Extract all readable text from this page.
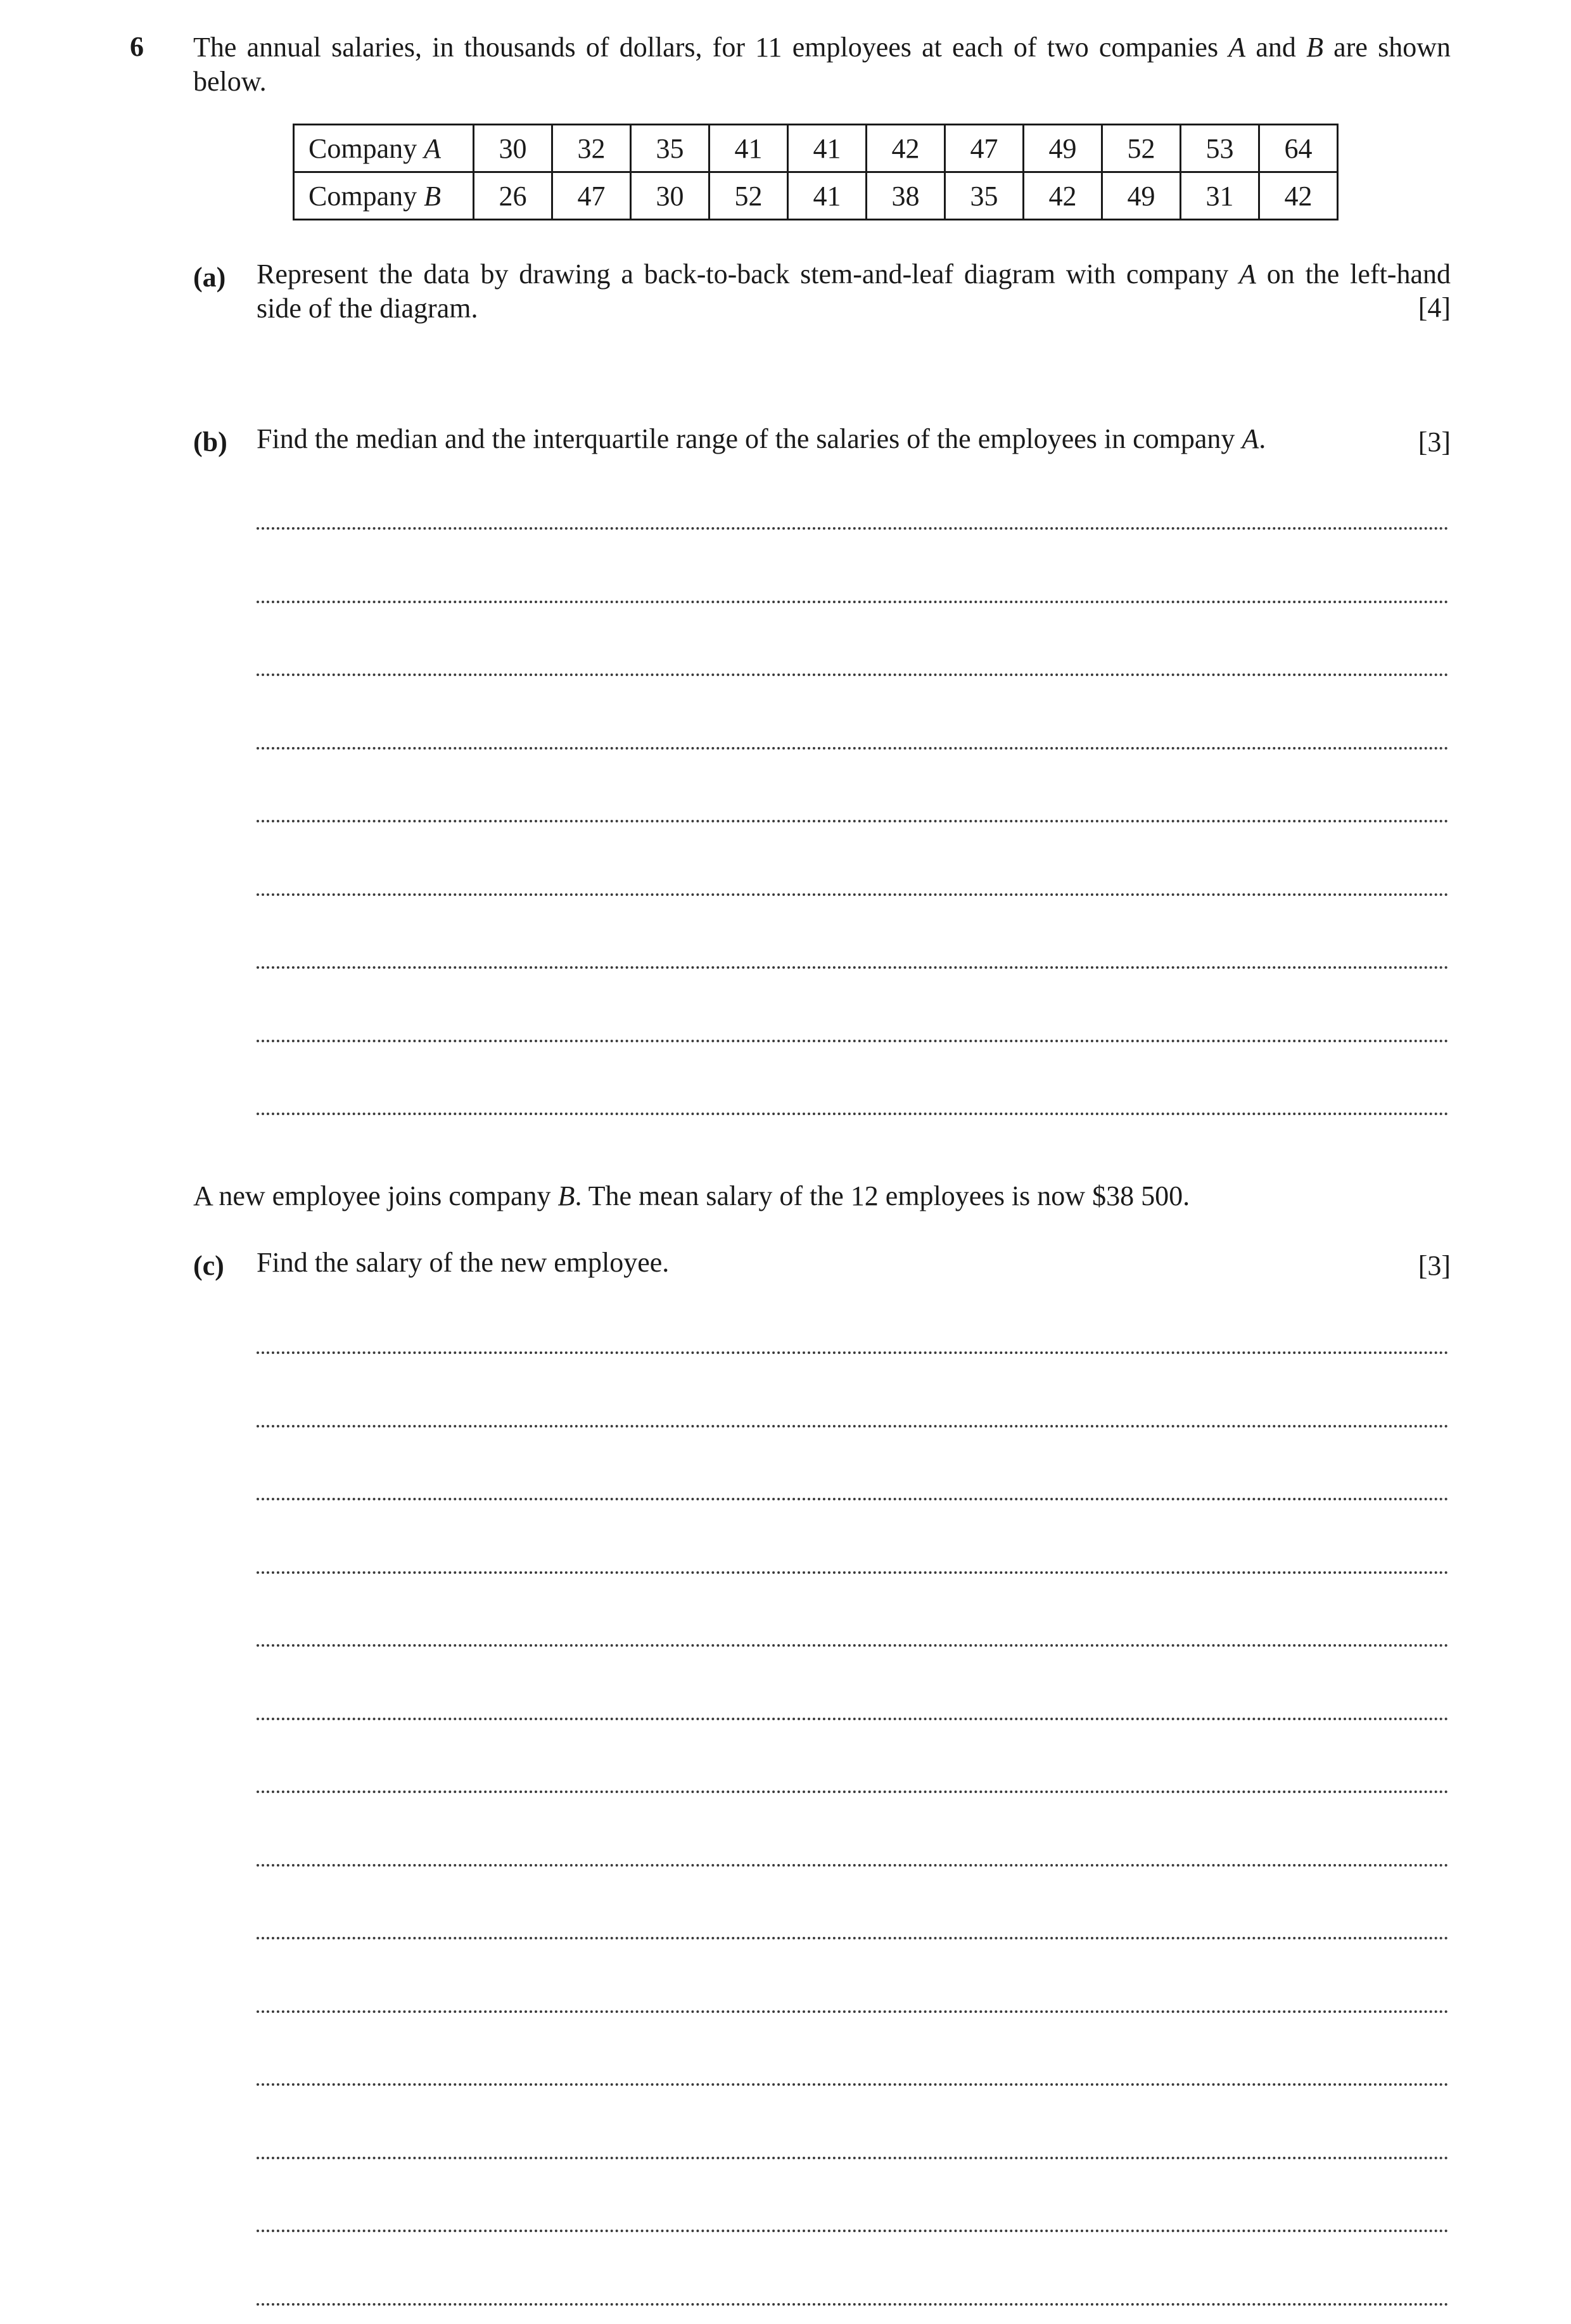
6 The annual salaries, in thousands of dollars, for 11 employees at each of two companies A and B are shown below.
Company A	30	32	35	41	41	42	47	49	52	53	64
Company B	26	47	30	52	41	38	35	42	49	31	42
(a) Represent the data by drawing a back-to-back stem-and-leaf diagram with company A on the left-hand side of the diagram.	[4]
(b) Find the median and the interquartile range of the salaries of the employees in company A.	[3]
A new employee joins company B. The mean salary of the 12 employees is now $38 500.
(c) Find the salary of the new employee.	[3]
